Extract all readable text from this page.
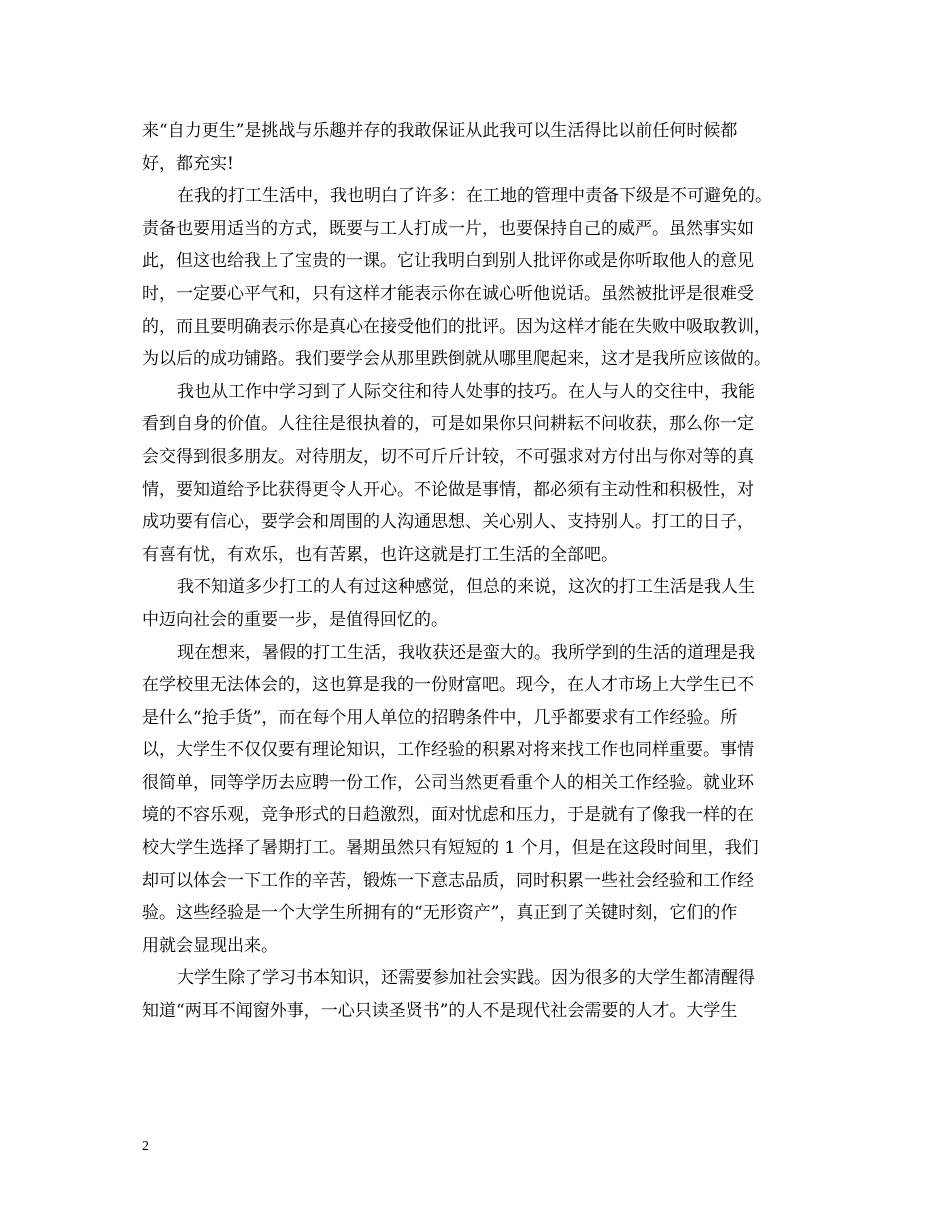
来“自力更生”是挑战与乐趣并存的我敢保证从此我可以生活得比以前任何时候都
好，都充实!
在我的打工生活中，我也明白了许多：在工地的管理中责备下级是不可避免的。
责备也要用适当的方式，既要与工人打成一片，也要保持自己的威严。虽然事实如
此，但这也给我上了宝贵的一课。它让我明白到别人批评你或是你听取他人的意见
时，一定要心平气和，只有这样才能表示你在诚心听他说话。虽然被批评是很难受
的，而且要明确表示你是真心在接受他们的批评。因为这样才能在失败中吸取教训，
为以后的成功铺路。我们要学会从那里跌倒就从哪里爬起来，这才是我所应该做的。
我也从工作中学习到了人际交往和待人处事的技巧。在人与人的交往中，我能
看到自身的价值。人往往是很执着的，可是如果你只问耕耘不问收获，那么你一定
会交得到很多朋友。对待朋友，切不可斤斤计较，不可强求对方付出与你对等的真
情，要知道给予比获得更令人开心。不论做是事情，都必须有主动性和积极性，对
成功要有信心，要学会和周围的人沟通思想、关心别人、支持别人。打工的日子，
有喜有忧，有欢乐，也有苦累，也许这就是打工生活的全部吧。
我不知道多少打工的人有过这种感觉，但总的来说，这次的打工生活是我人生
中迈向社会的重要一步，是值得回忆的。
现在想来，暑假的打工生活，我收获还是蛮大的。我所学到的生活的道理是我
在学校里无法体会的，这也算是我的一份财富吧。现今，在人才市场上大学生已不
是什么“抢手货”，而在每个用人单位的招聘条件中，几乎都要求有工作经验。所
以，大学生不仅仅要有理论知识，工作经验的积累对将来找工作也同样重要。事情
很简单，同等学历去应聘一份工作，公司当然更看重个人的相关工作经验。就业环
境的不容乐观，竞争形式的日趋激烈，面对忧虑和压力，于是就有了像我一样的在
校大学生选择了暑期打工。暑期虽然只有短短的 1 个月，但是在这段时间里，我们
却可以体会一下工作的辛苦，锻炼一下意志品质，同时积累一些社会经验和工作经
验。这些经验是一个大学生所拥有的“无形资产”，真正到了关键时刻，它们的作
用就会显现出来。
大学生除了学习书本知识，还需要参加社会实践。因为很多的大学生都清醒得
知道“两耳不闻窗外事，一心只读圣贤书”的人不是现代社会需要的人才。大学生
2
